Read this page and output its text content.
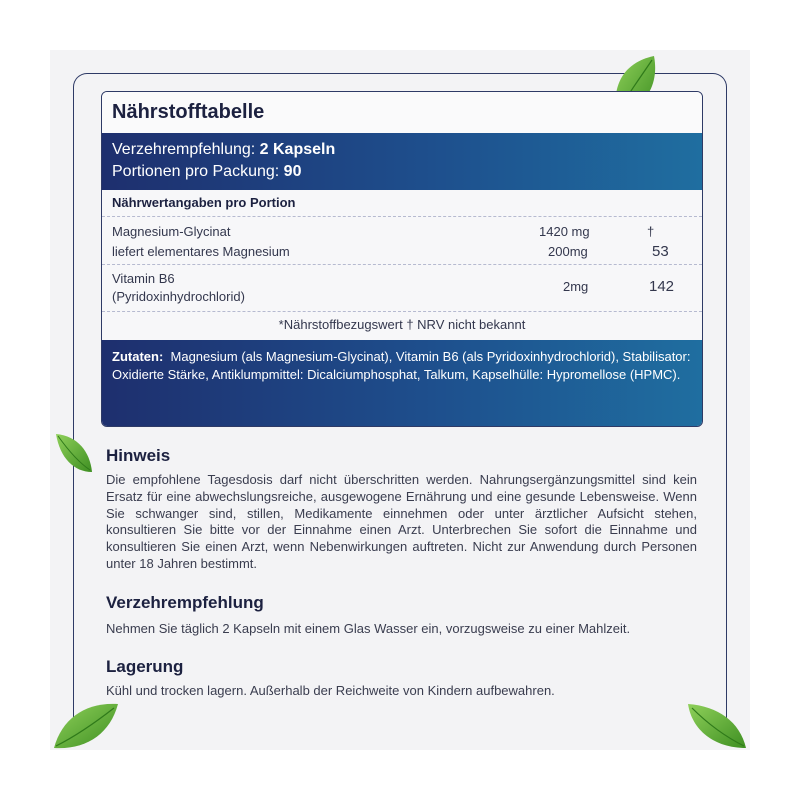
Nährstofftabelle
Verzehrempfehlung: 2 Kapseln
Portionen pro Packung: 90
Nährwertangaben pro Portion
Magnesium-Glycinat	1420 mg	†
liefert elementares Magnesium	200mg	53
Vitamin B6
(Pyridoxinhydrochlorid)
2mg	142
*Nährstoffbezugswert † NRV nicht bekannt
Zutaten: Magnesium (als Magnesium-Glycinat), Vitamin B6 (als Pyridoxinhydrochlorid), Stabilisator: Oxidierte Stärke, Antiklumpmittel: Dicalciumphosphat, Talkum, Kapselhülle: Hypromellose (HPMC).
Hinweis

Die empfohlene Tagesdosis darf nicht überschritten werden. Nahrungsergänzungsmittel sind kein Ersatz für eine abwechslungsreiche, ausgewogene Ernährung und eine gesunde Lebensweise. Wenn Sie schwanger sind, stillen, Medikamente einnehmen oder unter ärztlicher Aufsicht stehen, konsultieren Sie bitte vor der Einnahme einen Arzt. Unterbrechen Sie sofort die Einnahme und konsultieren Sie einen Arzt, wenn Nebenwirkungen auftreten. Nicht zur Anwendung durch Personen unter 18 Jahren bestimmt.

Verzehrempfehlung

Nehmen Sie täglich 2 Kapseln mit einem Glas Wasser ein, vorzugsweise zu einer Mahlzeit.

Lagerung

Kühl und trocken lagern. Außerhalb der Reichweite von Kindern aufbewahren.
